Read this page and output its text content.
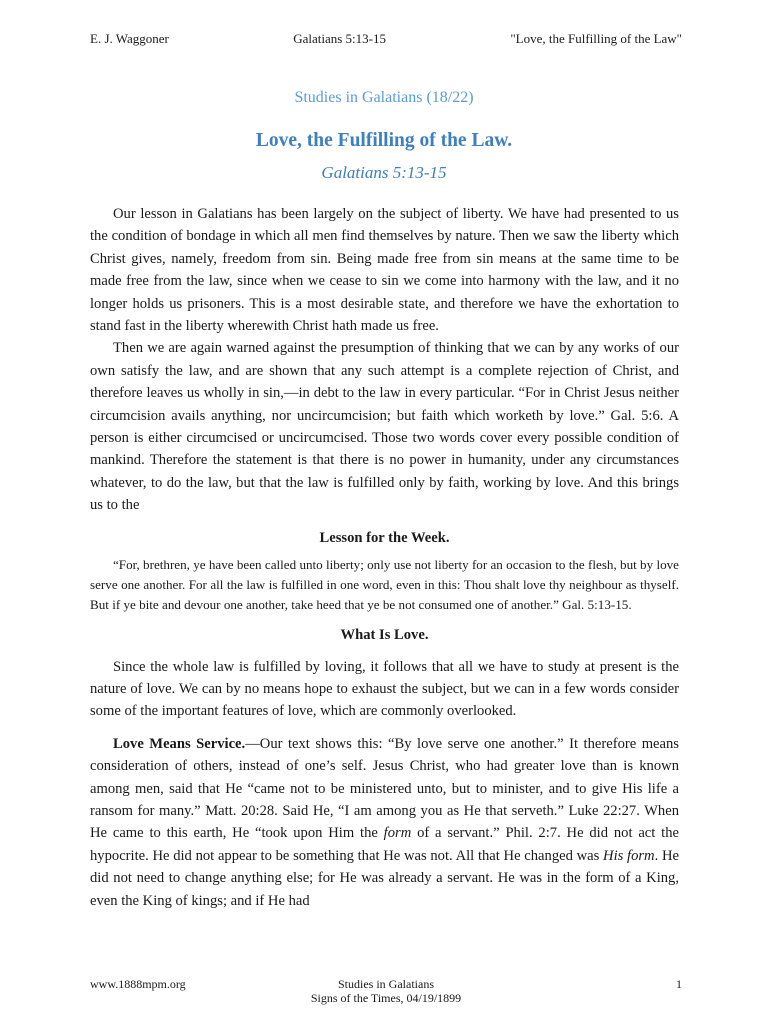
E. J. Waggoner	Galatians 5:13-15	"Love, the Fulfilling of the Law"
Studies in Galatians (18/22)
Love, the Fulfilling of the Law.
Galatians 5:13-15

Our lesson in Galatians has been largely on the subject of liberty. We have had presented to us the condition of bondage in which all men find themselves by nature. Then we saw the liberty which Christ gives, namely, freedom from sin. Being made free from sin means at the same time to be made free from the law, since when we cease to sin we come into harmony with the law, and it no longer holds us prisoners. This is a most desirable state, and therefore we have the exhortation to stand fast in the liberty wherewith Christ hath made us free.

Then we are again warned against the presumption of thinking that we can by any works of our own satisfy the law, and are shown that any such attempt is a complete rejection of Christ, and therefore leaves us wholly in sin,—in debt to the law in every particular. “For in Christ Jesus neither circumcision avails anything, nor uncircumcision; but faith which worketh by love.” Gal. 5:6. A person is either circumcised or uncircumcised. Those two words cover every possible condition of mankind. Therefore the statement is that there is no power in humanity, under any circumstances whatever, to do the law, but that the law is fulfilled only by faith, working by love. And this brings us to the

Lesson for the Week.

“For, brethren, ye have been called unto liberty; only use not liberty for an occasion to the flesh, but by love serve one another. For all the law is fulfilled in one word, even in this: Thou shalt love thy neighbour as thyself. But if ye bite and devour one another, take heed that ye be not consumed one of another.” Gal. 5:13-15.

What Is Love.

Since the whole law is fulfilled by loving, it follows that all we have to study at present is the nature of love. We can by no means hope to exhaust the subject, but we can in a few words consider some of the important features of love, which are commonly overlooked.

Love Means Service.—Our text shows this: “By love serve one another.” It therefore means consideration of others, instead of one’s self. Jesus Christ, who had greater love than is known among men, said that He “came not to be ministered unto, but to minister, and to give His life a ransom for many.” Matt. 20:28. Said He, “I am among you as He that serveth.” Luke 22:27. When He came to this earth, He “took upon Him the form of a servant.” Phil. 2:7. He did not act the hypocrite. He did not appear to be something that He was not. All that He changed was His form. He did not need to change anything else; for He was already a servant. He was in the form of a King, even the King of kings; and if He had

www.1888mpm.org	Studies in Galatians
Signs of the Times, 04/19/1899
1
